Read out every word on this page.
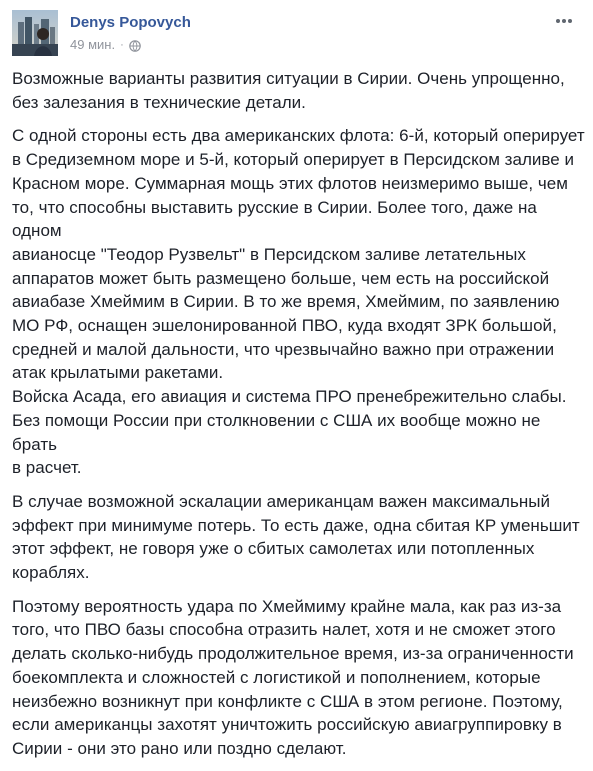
Denys Popovych
49 мин. ·

Возможные варианты развития ситуации в Сирии. Очень упрощенно,
без залезания в технические детали.

С одной стороны есть два американских флота: 6-й, который оперирует
в Средиземном море и 5-й, который оперирует в Персидском заливе и
Красном море. Суммарная мощь этих флотов неизмеримо выше, чем
то, что способны выставить русские в Сирии. Более того, даже на одном
авианосце "Теодор Рузвельт" в Персидском заливе летательных
аппаратов может быть размещено больше, чем есть на российской
авиабазе Хмеймим в Сирии. В то же время, Хмеймим, по заявлению
МО РФ, оснащен эшелонированной ПВО, куда входят ЗРК большой,
средней и малой дальности, что чрезвычайно важно при отражении
атак крылатыми ракетами.
Войска Асада, его авиация и система ПРО пренебрежительно слабы.
Без помощи России при столкновении с США их вообще можно не брать
в расчет.

В случае возможной эскалации американцам важен максимальный
эффект при минимуме потерь. То есть даже, одна сбитая КР уменьшит
этот эффект, не говоря уже о сбитых самолетах или потопленных
кораблях.

Поэтому вероятность удара по Хмеймиму крайне мала, как раз из-за
того, что ПВО базы способна отразить налет, хотя и не сможет этого
делать сколько-нибудь продолжительное время, из-за ограниченности
боекомплекта и сложностей с логистикой и пополнением, которые
неизбежно возникнут при конфликте с США в этом регионе. Поэтому,
если американцы захотят уничтожить российскую авиагруппировку в
Сирии - они это рано или поздно сделают.
